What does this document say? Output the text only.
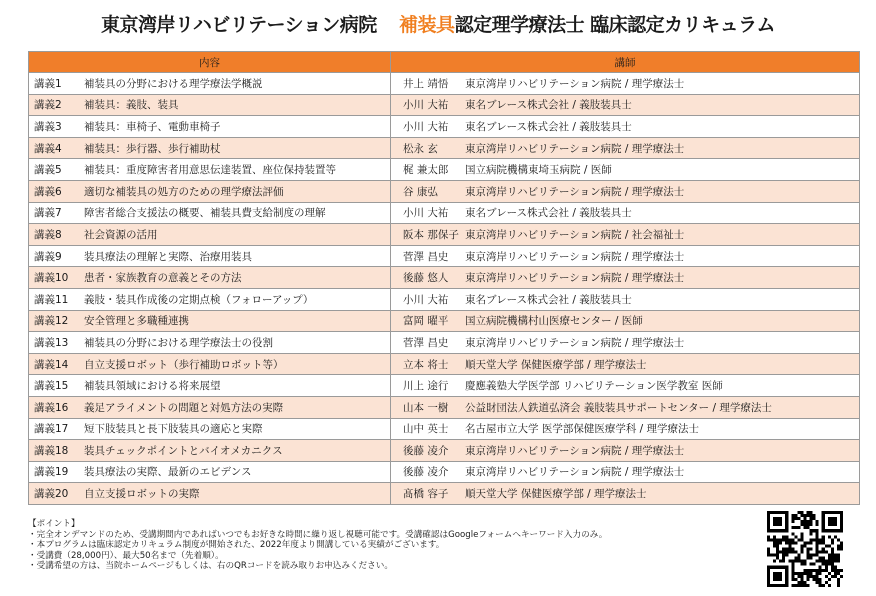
東京湾岸リハビリテーション病院 補装具認定理学療法士 臨床認定カリキュラム
内容	講師
講義1 補装具の分野における理学療法学概説	井上 靖悟 東京湾岸リハビリテーション病院 / 理学療法士
講義2 補装具：義肢、装具	小川 大祐 東名ブレース株式会社 / 義肢装具士
講義3 補装具：車椅子、電動車椅子	小川 大祐 東名ブレース株式会社 / 義肢装具士
講義4 補装具：歩行器、歩行補助杖	松永 玄 東京湾岸リハビリテーション病院 / 理学療法士
講義5 補装具：重度障害者用意思伝達装置、座位保持装置等	梶 兼太郎 国立病院機構東埼玉病院 / 医師
講義6 適切な補装具の処方のための理学療法評価	谷 康弘 東京湾岸リハビリテーション病院 / 理学療法士
講義7 障害者総合支援法の概要、補装具費支給制度の理解	小川 大祐 東名ブレース株式会社 / 義肢装具士
講義8 社会資源の活用	阪本 那保子 東京湾岸リハビリテーション病院 / 社会福祉士
講義9 装具療法の理解と実際、治療用装具	菅澤 昌史 東京湾岸リハビリテーション病院 / 理学療法士
講義10 患者・家族教育の意義とその方法	後藤 悠人 東京湾岸リハビリテーション病院 / 理学療法士
講義11 義肢・装具作成後の定期点検（フォローアップ）	小川 大祐 東名ブレース株式会社 / 義肢装具士
講義12 安全管理と多職種連携	富岡 曜平 国立病院機構村山医療センター / 医師
講義13 補装具の分野における理学療法士の役割	菅澤 昌史 東京湾岸リハビリテーション病院 / 理学療法士
講義14 自立支援ロボット（歩行補助ロボット等）	立本 将士 順天堂大学 保健医療学部 / 理学療法士
講義15 補装具領域における将来展望	川上 途行 慶應義塾大学医学部 リハビリテーション医学教室 医師
講義16 義足アライメントの問題と対処方法の実際	山本 一樹 公益財団法人鉄道弘済会 義肢装具サポートセンター / 理学療法士
講義17 短下肢装具と長下肢装具の適応と実際	山中 英士 名古屋市立大学 医学部保健医療学科 / 理学療法士
講義18 装具チェックポイントとバイオメカニクス	後藤 凌介 東京湾岸リハビリテーション病院 / 理学療法士
講義19 装具療法の実際、最新のエビデンス	後藤 凌介 東京湾岸リハビリテーション病院 / 理学療法士
講義20 自立支援ロボットの実際	髙橋 容子 順天堂大学 保健医療学部 / 理学療法士
【ポイント】
・完全オンデマンドのため、受講期間内であればいつでもお好きな時間に繰り返し視聴可能です。受講確認はGoogleフォームへキーワード入力のみ。
・本プログラムは臨床認定カリキュラム制度が開始された、2022年度より開講している実績がございます。
・受講費（28,000円）、最大50名まで（先着順）。
・受講希望の方は、当院ホームページもしくは、右のQRコードを読み取りお申込みください。
